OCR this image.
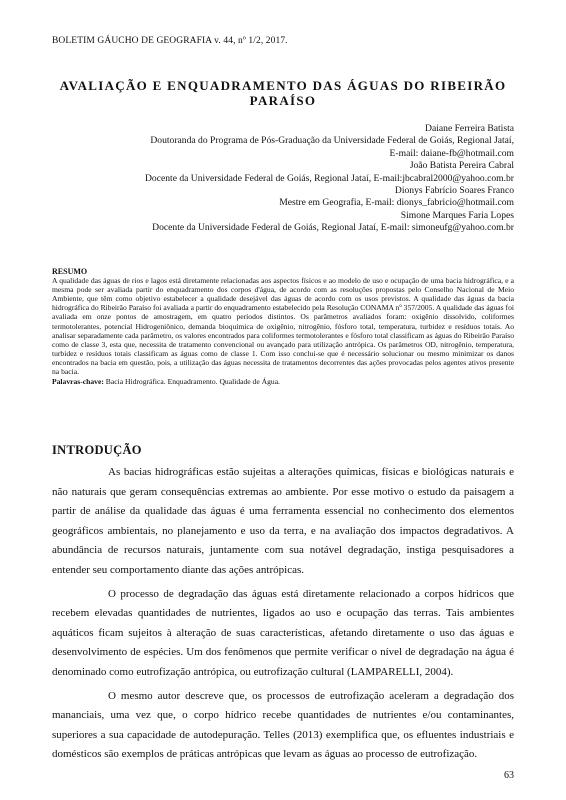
BOLETIM GÁUCHO DE GEOGRAFIA v. 44, nº 1/2, 2017.
AVALIAÇÃO E ENQUADRAMENTO DAS ÁGUAS DO RIBEIRÃO
PARAÍSO
Daiane Ferreira Batista
Doutoranda do Programa de Pós-Graduação da Universidade Federal de Goiás, Regional Jataí,
E-mail: daiane-fb@hotmail.com
João Batista Pereira Cabral
Docente da Universidade Federal de Goiás, Regional Jataí, E-mail:jbcabral2000@yahoo.com.br
Dionys Fabrício Soares Franco
Mestre em Geografia, E-mail: dionys_fabricio@hotmail.com
Simone Marques Faria Lopes
Docente da Universidade Federal de Goiás, Regional Jataí, E-mail: simoneufg@yahoo.com.br
RESUMO
A qualidade das águas de rios e lagos está diretamente relacionadas aos aspectos físicos e ao modelo de uso e ocupação de uma bacia hidrográfica, e a mesma pode ser avaliada partir do enquadramento dos corpos d'água, de acordo com as resoluções propostas pelo Conselho Nacional de Meio Ambiente, que têm como objetivo estabelecer a qualidade desejável das águas de acordo com os usos previstos. A qualidade das águas da bacia hidrográfica do Ribeirão Paraíso foi avaliada a partir do enquadramento estabelecido pela Resolução CONAMA nº 357/2005. A qualidade das águas foi avaliada em onze pontos de amostragem, em quatro períodos distintos. Os parâmetros avaliados foram: oxigênio dissolvido, coliformes termotolerantes, potencial Hidrogeniônico, demanda bioquímica de oxigênio, nitrogênio, fósforo total, temperatura, turbidez e resíduos totais. Ao analisar separadamente cada parâmetro, os valores encontrados para coliformes termotolerantes e fósforo total classificam as águas do Ribeirão Paraíso como de classe 3, esta que, necessita de tratamento convencional ou avançado para utilização antrópica. Os parâmetros OD, nitrogênio, temperatura, turbidez e resíduos totais classificam as águas como de classe 1. Com isso conclui-se que é necessário solucionar ou mesmo minimizar os danos encontrados na bacia em questão, pois, a utilização das águas necessita de tratamentos decorrentes das ações provocadas pelos agentes ativos presente na bacia.
Palavras-chave: Bacia Hidrográfica. Enquadramento. Qualidade de Água.
INTRODUÇÃO

As bacias hidrográficas estão sujeitas a alterações químicas, físicas e biológicas naturais e não naturais que geram consequências extremas ao ambiente. Por esse motivo o estudo da paisagem a partir de análise da qualidade das águas é uma ferramenta essencial no conhecimento dos elementos geográficos ambientais, no planejamento e uso da terra, e na avaliação dos impactos degradativos. A abundância de recursos naturais, juntamente com sua notável degradação, instiga pesquisadores a entender seu comportamento diante das ações antrópicas.

O processo de degradação das águas está diretamente relacionado a corpos hídricos que recebem elevadas quantidades de nutrientes, ligados ao uso e ocupação das terras. Tais ambientes aquáticos ficam sujeitos à alteração de suas características, afetando diretamente o uso das águas e desenvolvimento de espécies. Um dos fenômenos que permite verificar o nível de degradação na água é denominado como eutrofização antrópica, ou eutrofização cultural (LAMPARELLI, 2004).

O mesmo autor descreve que, os processos de eutrofização aceleram a degradação dos mananciais, uma vez que, o corpo hídrico recebe quantidades de nutrientes e/ou contaminantes, superiores a sua capacidade de autodepuração. Telles (2013) exemplifica que, os efluentes industriais e domésticos são exemplos de práticas antrópicas que levam as águas ao processo de eutrofização.

63
